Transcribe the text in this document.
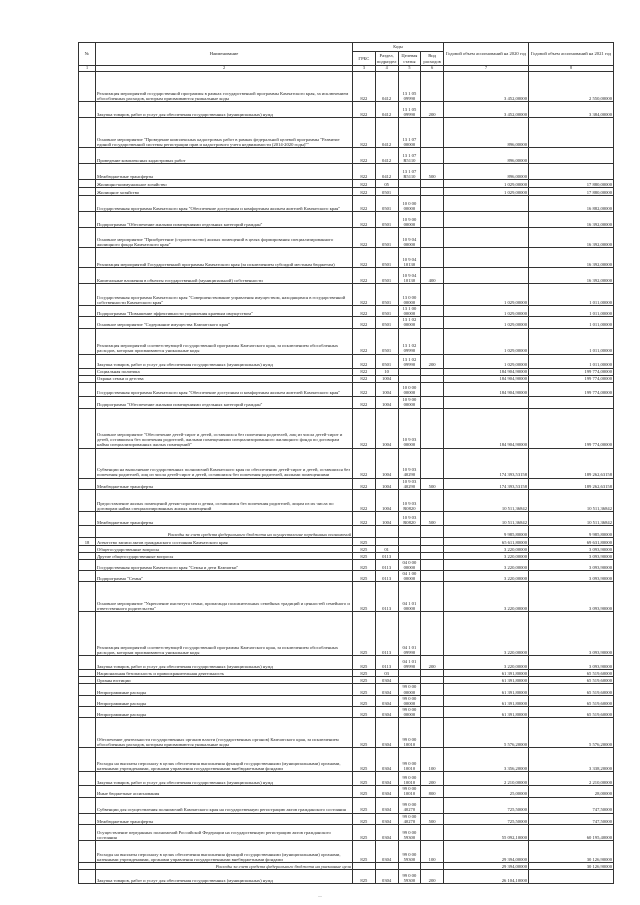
№	Наименование	Коды				Годовой объем ассигнований на 2020 год	Годовой объем ассигнований на 2021 год
		ГРБС	Раздел, подраздел	Целевая статья	Вид расходов		
1	2	3	4	5	6	7	8

	Реализация мероприятий государственной программы в рамках государственной программы Камчатского края, за исключением обособленных расходов, которым присваиваются уникальные коды	822	0412	13 1 05 09990		3 452,00000	2 550,00000

	Закупка товаров, работ и услуг для обеспечения государственных (муниципальных) нужд	822	0412	13 1 05 09990	200	3 452,00000	3 384,00000

	Основное мероприятие "Проведение комплексных кадастровых работ в рамках федеральной целевой программы "Развитие единой государственной системы регистрации прав и кадастрового учета недвижимости (2014-2020 годы)""	822	0412	13 1 07 00000		896,00000	

	Проведение комплексных кадастровых работ	822	0412	13 1 07 R5110		896,00000	

	Межбюджетные трансферты	822	0412	13 1 07 R5110	500	896,00000	

	Жилищно-коммунальное хозяйство	822	05			1 029,00000	17 880,00000

	Жилищное хозяйство	822	0501			1 029,00000	17 880,00000

	Государственная программа Камчатского края "Обеспечение доступным и комфортным жильем жителей Камчатского края"	822	0501	10 0 00 00000			16 882,00000

	Подпрограмма "Обеспечение жилыми помещениями отдельных категорий граждан"	822	0501	10 9 00 00000			16 392,00000

	Основное мероприятие "Приобретение (строительство) жилых помещений в целях формирования специализированного жилищного фонда Камчатского края"	822	0501	10 9 04 00000			16 392,00000

	Реализация мероприятий Государственной программы Камчатского края (за исключением субсидий местным бюджетам)	822	0501	10 9 04 10130			16 392,00000

	Капитальные вложения в объекты государственной (муниципальной) собственности	822	0501	10 9 04 10130	400		16 392,00000

	Государственная программа Камчатского края "Совершенствование управления имуществом, находящимся в государственной собственности Камчатского края"	822	0501	13 0 00 00000		1 029,00000	1 011,00000

	Подпрограмма "Повышение эффективности управления краевым имуществом"	822	0501	13 1 00 00000		1 029,00000	1 011,00000

	Основное мероприятие "Содержание имущества Камчатского края"	822	0501	13 1 02 00000		1 029,00000	1 011,00000

	Реализация мероприятий соответствующей государственной программы Камчатского края, за исключением обособленных расходов, которым присваиваются уникальные коды	822	0501	13 1 02 09990		1 029,00000	1 011,00000

	Закупка товаров, работ и услуг для обеспечения государственных (муниципальных) нужд	822	0501	13 1 02 09990	200	1 029,00000	1 011,00000

	Социальная политика	822	10			184 904,90000	199 774,00000

	Охрана семьи и детства	822	1004			184 904,90000	199 774,00000

	Государственная программа Камчатского края "Обеспечение доступным и комфортным жильем жителей Камчатского края"	822	1004	10 0 00 00000		184 904,90000	199 774,00000

	Подпрограмма "Обеспечение жилыми помещениями отдельных категорий граждан"	822	1004	10 9 00 00000			

	Основное мероприятие "Обеспечение детей-сирот и детей, оставшихся без попечения родителей, лиц из числа детей-сирот и детей, оставшихся без попечения родителей, жилыми помещениями специализированного жилищного фонда по договорам найма специализированных жилых помещений"	822	1004	10 9 03 00000		184 904,90000	199 774,00000

	Субвенции на выполнение государственных полномочий Камчатского края по обеспечению детей-сирот и детей, оставшихся без попечения родителей, лиц из числа детей-сирот и детей, оставшихся без попечения родителей, жилыми помещениями	822	1004	10 9 03 40290		174 393,53158	189 262,63158

	Межбюджетные трансферты	822	1004	10 9 03 40290	500	174 393,53158	189 262,63158

	Предоставление жилых помещений детям-сиротам и детям, оставшимся без попечения родителей, лицам из их числа по договорам найма специализированных жилых помещений	822	1004	10 9 03 R0820		10 511,36842	10 511,36842

	Межбюджетные трансферты	822	1004	10 9 03 R0820	500	10 511,36842	10 511,36842

	Расходы за счет средств федерального бюджета на осуществление переданных полномочий					9 985,80000	9 985,80000
18	Агентство записи актов гражданского состояния Камчатского края	825				65 611,80000	69 631,80000

	Общегосударственные вопросы	825	01			3 220,00000	3 093,90000

	Другие общегосударственные вопросы	825	0113			3 220,00000	3 093,90000

	Государственная программа Камчатского края "Семья и дети Камчатки"	825	0113	04 0 00 00000		3 220,00000	3 093,90000

	Подпрограмма "Семья"	825	0113	04 1 00 00000		3 220,00000	3 093,90000

	Основное мероприятие "Укрепление института семьи, пропаганда положительных семейных традиций и ценностей семейного и ответственного родительства"	825	0113	04 1 01 00000		3 220,00000	3 093,90000

	Реализация мероприятий соответствующей государственной программы Камчатского края, за исключением обособленных расходов, которым присваиваются уникальные коды	825	0113	04 1 01 09990		3 220,00000	3 093,90000

	Закупка товаров, работ и услуг для обеспечения государственных (муниципальных) нужд	825	0113	04 1 01 09990	200	3 220,00000	3 093,90000

	Национальная безопасность и правоохранительная деятельность	825	03			61 391,80000	65 519,60000

	Органы юстиции	825	0304			61 391,80000	65 519,60000

	Непрограммные расходы	825	0304	99 0 00 00000		61 391,80000	65 519,60000

	Непрограммные расходы	825	0304	99 0 00 00000		61 391,80000	65 519,60000

	Непрограммные расходы	825	0304	99 0 00 00000		61 391,80000	65 519,60000

	Обеспечение деятельности государственных органов власти (государственных органов) Камчатского края, за исключением обособленных расходов, которым присваиваются уникальные коды	825	0304	99 0 00 10010		5 576,20000	5 576,20000

	Расходы на выплаты персоналу в целях обеспечения выполнения функций государственными (муниципальными) органами, казенными учреждениями, органами управления государственными внебюджетными фондами	825	0304	99 0 00 10010	100	3 356,20000	3 338,20000

	Закупка товаров, работ и услуг для обеспечения государственных (муниципальных) нужд	825	0304	99 0 00 10010	200	2 210,00000	2 210,00000

	Иные бюджетные ассигнования	825	0304	99 0 00 10010	800	25,00000	28,00000

	Субвенции для осуществления полномочий Камчатского края на государственную регистрацию актов гражданского состояния	825	0304	99 0 00 40270		725,50000	747,50000

	Межбюджетные трансферты	825	0304	99 0 00 40270	500	725,50000	747,50000

	Осуществление переданных полномочий Российской Федерации на государственную регистрацию актов гражданского состояния	825	0304	99 0 00 59300		55 092,10000	60 195,40000

	Расходы на выплаты персоналу в целях обеспечения выполнения функций государственными (муниципальными) органами, казенными учреждениями, органами управления государственными внебюджетными фондами	825	0304	99 0 00 59300	100	29 394,00000	30 126,90000

	Расходы за счет средств федерального бюджета на указанные цели					29 394,00000	30 126,90000

	Закупка товаров, работ и услуг для обеспечения государственных (муниципальных) нужд	825	0304	99 0 00 59300	200	26 104,10000	
—
